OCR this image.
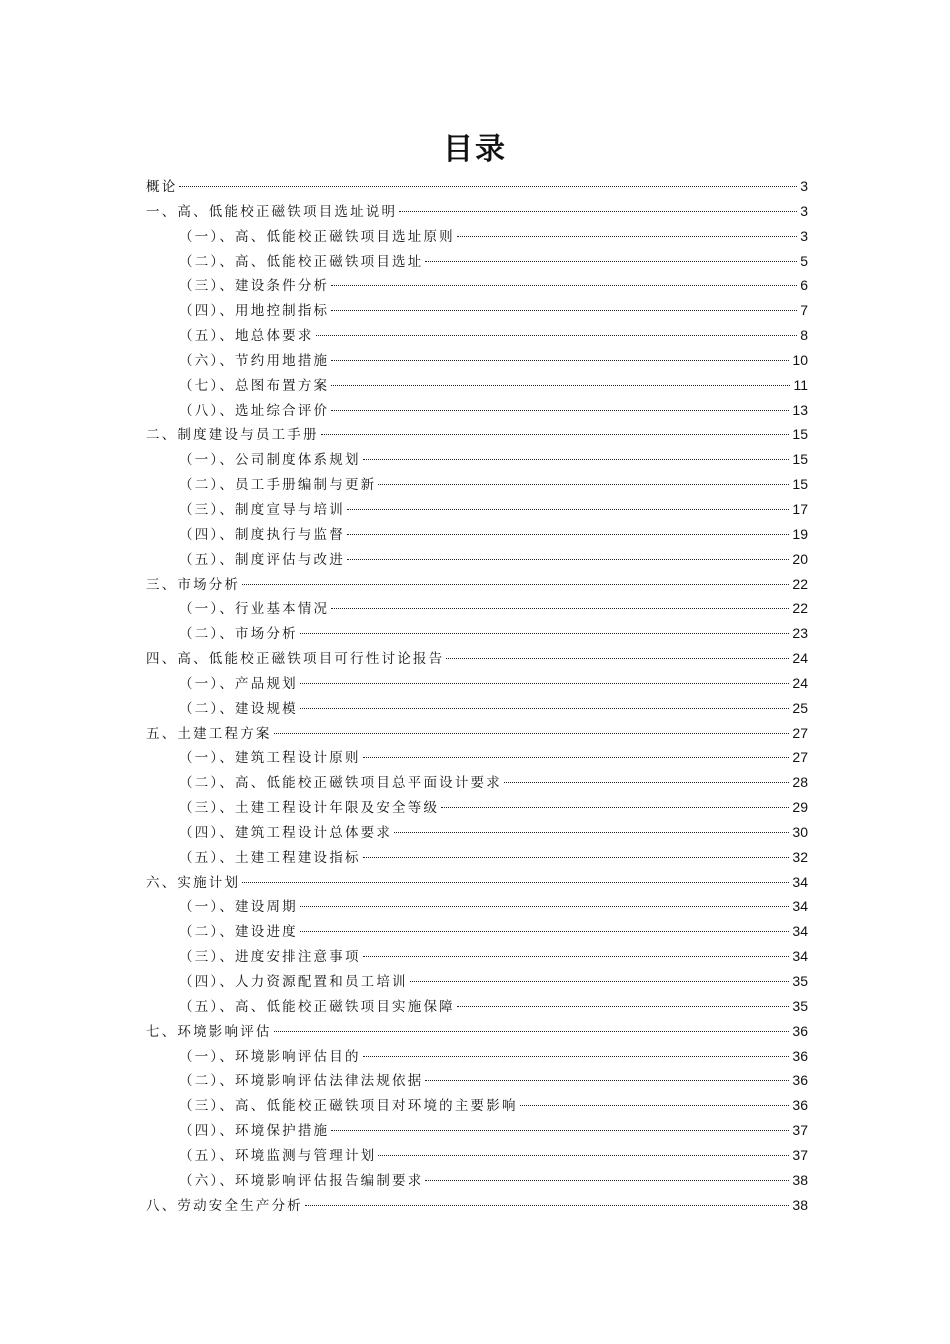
目录
概论	3
一、高、低能校正磁铁项目选址说明	3
（一）、高、低能校正磁铁项目选址原则	3
（二）、高、低能校正磁铁项目选址	5
（三）、建设条件分析	6
（四）、用地控制指标	7
（五）、地总体要求	8
（六）、节约用地措施	10
（七）、总图布置方案	11
（八）、选址综合评价	13
二、制度建设与员工手册	15
（一）、公司制度体系规划	15
（二）、员工手册编制与更新	15
（三）、制度宣导与培训	17
（四）、制度执行与监督	19
（五）、制度评估与改进	20
三、市场分析	22
（一）、行业基本情况	22
（二）、市场分析	23
四、高、低能校正磁铁项目可行性讨论报告	24
（一）、产品规划	24
（二）、建设规模	25
五、土建工程方案	27
（一）、建筑工程设计原则	27
（二）、高、低能校正磁铁项目总平面设计要求	28
（三）、土建工程设计年限及安全等级	29
（四）、建筑工程设计总体要求	30
（五）、土建工程建设指标	32
六、实施计划	34
（一）、建设周期	34
（二）、建设进度	34
（三）、进度安排注意事项	34
（四）、人力资源配置和员工培训	35
（五）、高、低能校正磁铁项目实施保障	35
七、环境影响评估	36
（一）、环境影响评估目的	36
（二）、环境影响评估法律法规依据	36
（三）、高、低能校正磁铁项目对环境的主要影响	36
（四）、环境保护措施	37
（五）、环境监测与管理计划	37
（六）、环境影响评估报告编制要求	38
八、劳动安全生产分析	38
